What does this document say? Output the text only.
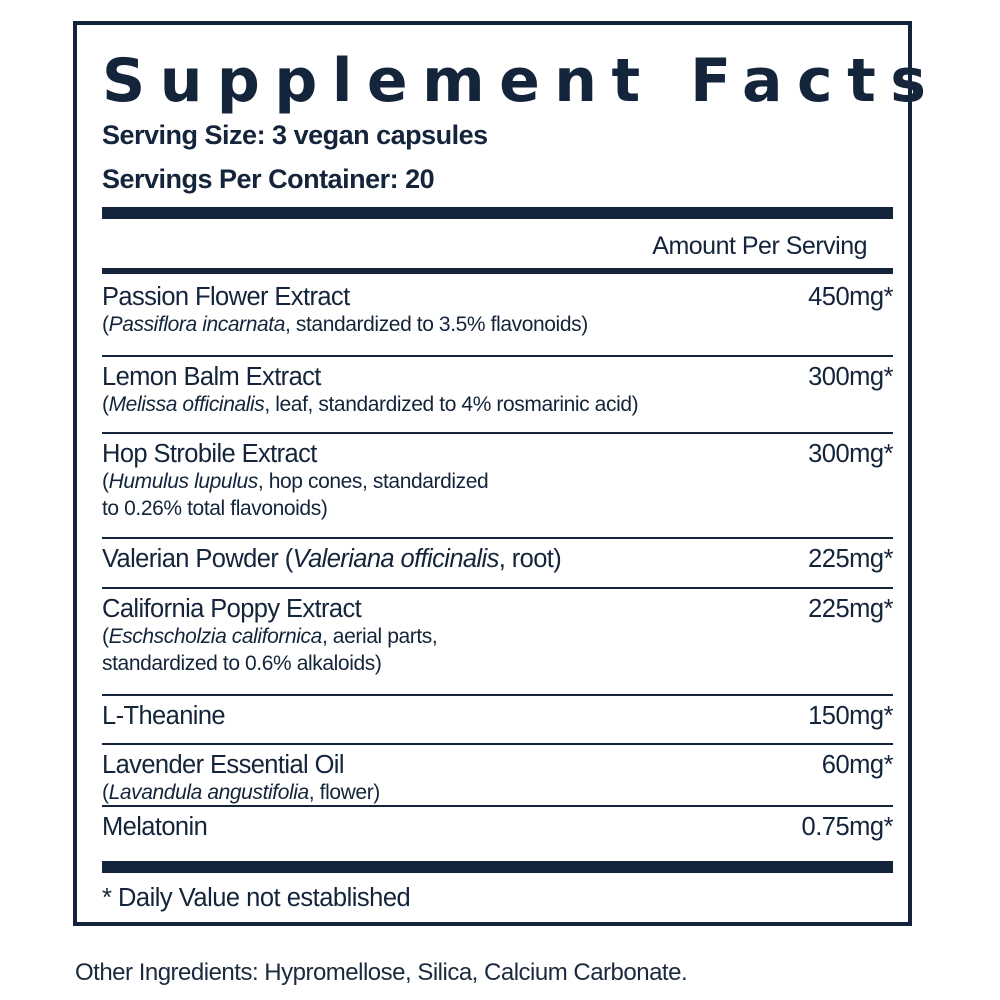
Supplement Facts
Serving Size: 3 vegan capsules
Servings Per Container: 20
Amount Per Serving
Passion Flower Extract	450mg*
(Passiflora incarnata, standardized to 3.5% flavonoids)
Lemon Balm Extract	300mg*
(Melissa officinalis, leaf, standardized to 4% rosmarinic acid)
Hop Strobile Extract	300mg*
(Humulus lupulus, hop cones, standardized
to 0.26% total flavonoids)
Valerian Powder (Valeriana officinalis, root)	225mg*
California Poppy Extract	225mg*
(Eschscholzia californica, aerial parts,
standardized to 0.6% alkaloids)
L-Theanine	150mg*
Lavender Essential Oil	60mg*
(Lavandula angustifolia, flower)
Melatonin	0.75mg*
* Daily Value not established
Other Ingredients: Hypromellose, Silica, Calcium Carbonate.
